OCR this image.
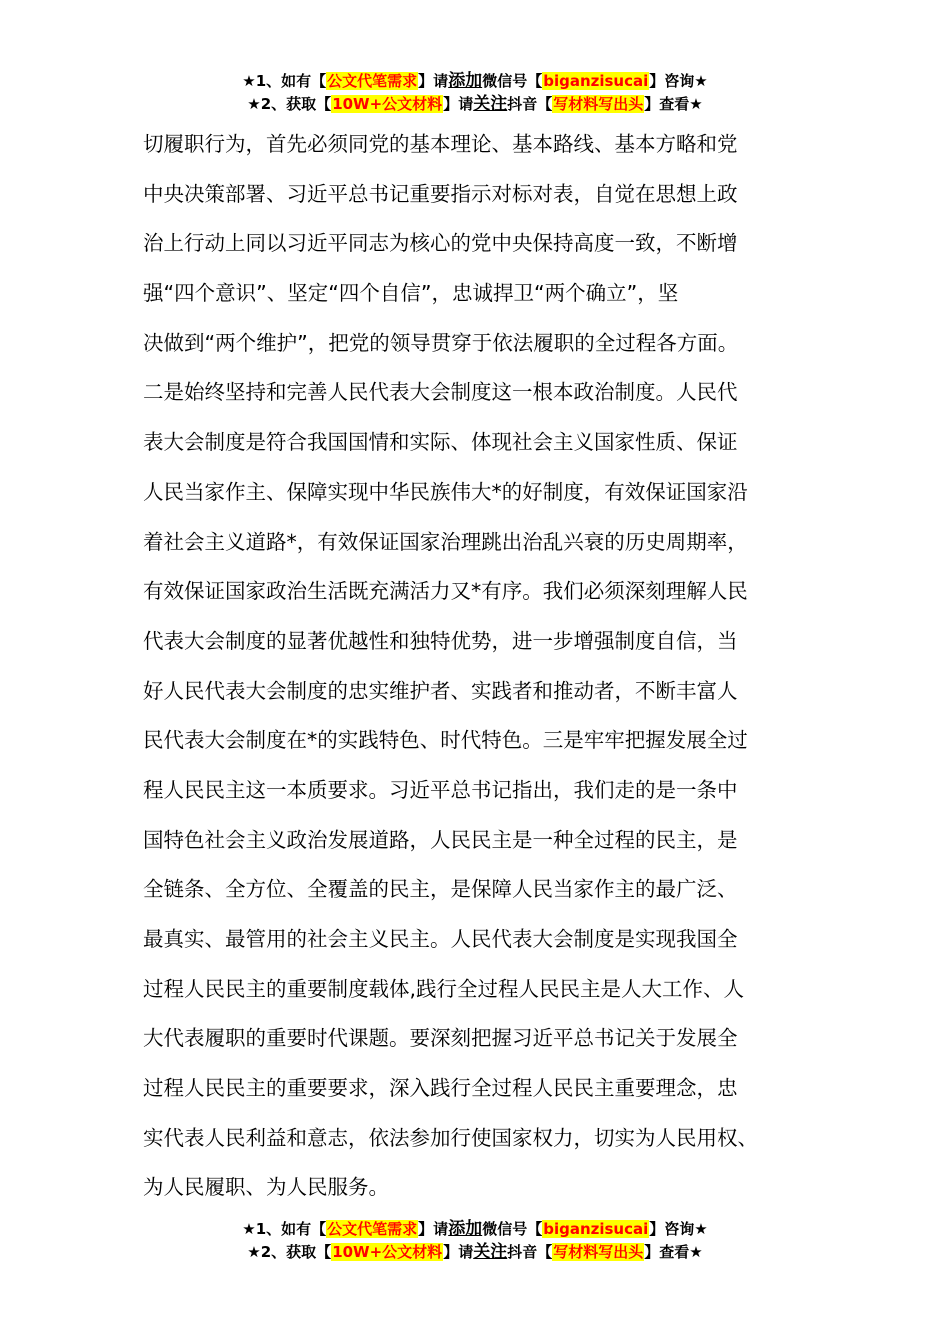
★1、如有【公文代笔需求】请添加微信号【biganzisucai】咨询★
★2、获取【10W+公文材料】请关注抖音【写材料写出头】查看★
切履职行为，首先必须同党的基本理论、基本路线、基本方略和党
中央决策部署、习近平总书记重要指示对标对表，自觉在思想上政
治上行动上同以习近平同志为核心的党中央保持高度一致，不断增
强“四个意识”、坚定“四个自信”，忠诚捍卫“两个确立”，坚
决做到“两个维护”，把党的领导贯穿于依法履职的全过程各方面。
二是始终坚持和完善人民代表大会制度这一根本政治制度。人民代
表大会制度是符合我国国情和实际、体现社会主义国家性质、保证
人民当家作主、保障实现中华民族伟大*的好制度，有效保证国家沿
着社会主义道路*，有效保证国家治理跳出治乱兴衰的历史周期率，
有效保证国家政治生活既充满活力又*有序。我们必须深刻理解人民
代表大会制度的显著优越性和独特优势，进一步增强制度自信，当
好人民代表大会制度的忠实维护者、实践者和推动者，不断丰富人
民代表大会制度在*的实践特色、时代特色。三是牢牢把握发展全过
程人民民主这一本质要求。习近平总书记指出，我们走的是一条中
国特色社会主义政治发展道路，人民民主是一种全过程的民主，是
全链条、全方位、全覆盖的民主，是保障人民当家作主的最广泛、
最真实、最管用的社会主义民主。人民代表大会制度是实现我国全
过程人民民主的重要制度载体,践行全过程人民民主是人大工作、人
大代表履职的重要时代课题。要深刻把握习近平总书记关于发展全
过程人民民主的重要要求，深入践行全过程人民民主重要理念，忠
实代表人民利益和意志，依法参加行使国家权力，切实为人民用权、
为人民履职、为人民服务。
★1、如有【公文代笔需求】请添加微信号【biganzisucai】咨询★
★2、获取【10W+公文材料】请关注抖音【写材料写出头】查看★
